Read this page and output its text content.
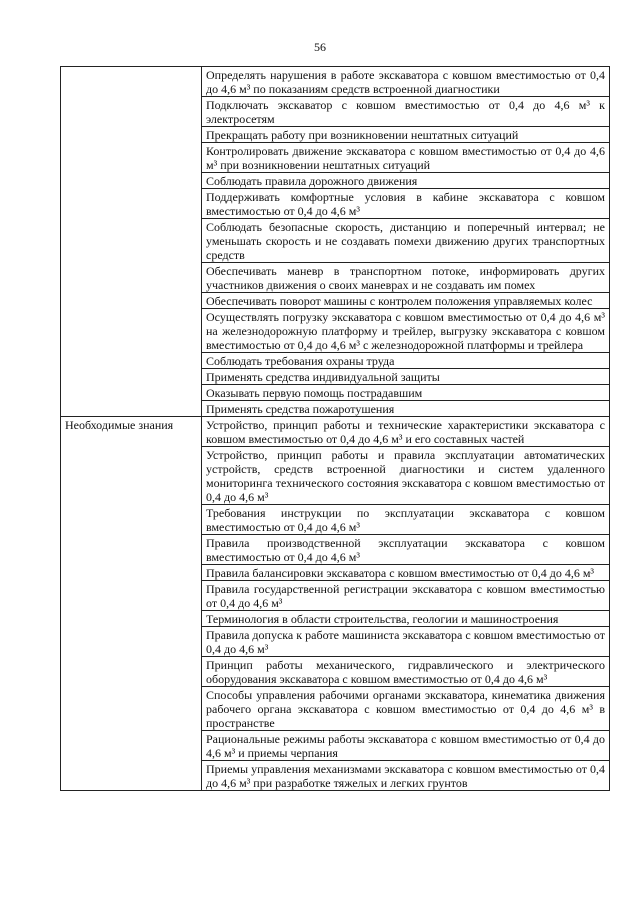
56
	Определять нарушения в работе экскаватора с ковшом вместимостью от 0,4 до 4,6 м³ по показаниям средств встроенной диагностики
	Подключать экскаватор с ковшом вместимостью от 0,4 до 4,6 м³ к электросетям
	Прекращать работу при возникновении нештатных ситуаций
	Контролировать движение экскаватора с ковшом вместимостью от 0,4 до 4,6 м³ при возникновении нештатных ситуаций
	Соблюдать правила дорожного движения
	Поддерживать комфортные условия в кабине экскаватора с ковшом вместимостью от 0,4 до 4,6 м³
	Соблюдать безопасные скорость, дистанцию и поперечный интервал; не уменьшать скорость и не создавать помехи движению других транспортных средств
	Обеспечивать маневр в транспортном потоке, информировать других участников движения о своих маневрах и не создавать им помех
	Обеспечивать поворот машины с контролем положения управляемых колес
	Осуществлять погрузку экскаватора с ковшом вместимостью от 0,4 до 4,6 м³ на железнодорожную платформу и трейлер, выгрузку экскаватора с ковшом вместимостью от 0,4 до 4,6 м³ с железнодорожной платформы и трейлера
	Соблюдать требования охраны труда
	Применять средства индивидуальной защиты
	Оказывать первую помощь пострадавшим
	Применять средства пожаротушения
Необходимые знания	Устройство, принцип работы и технические характеристики экскаватора с ковшом вместимостью от 0,4 до 4,6 м³ и его составных частей
	Устройство, принцип работы и правила эксплуатации автоматических устройств, средств встроенной диагностики и систем удаленного мониторинга технического состояния экскаватора с ковшом вместимостью от 0,4 до 4,6 м³
	Требования инструкции по эксплуатации экскаватора с ковшом вместимостью от 0,4 до 4,6 м³
	Правила производственной эксплуатации экскаватора с ковшом вместимостью от 0,4 до 4,6 м³
	Правила балансировки экскаватора с ковшом вместимостью от 0,4 до 4,6 м³
	Правила государственной регистрации экскаватора с ковшом вместимостью от 0,4 до 4,6 м³
	Терминология в области строительства, геологии и машиностроения
	Правила допуска к работе машиниста экскаватора с ковшом вместимостью от 0,4 до 4,6 м³
	Принцип работы механического, гидравлического и электрического оборудования экскаватора с ковшом вместимостью от 0,4 до 4,6 м³
	Способы управления рабочими органами экскаватора, кинематика движения рабочего органа экскаватора с ковшом вместимостью от 0,4 до 4,6 м³ в пространстве
	Рациональные режимы работы экскаватора с ковшом вместимостью от 0,4 до 4,6 м³ и приемы черпания
	Приемы управления механизмами экскаватора с ковшом вместимостью от 0,4 до 4,6 м³ при разработке тяжелых и легких грунтов
